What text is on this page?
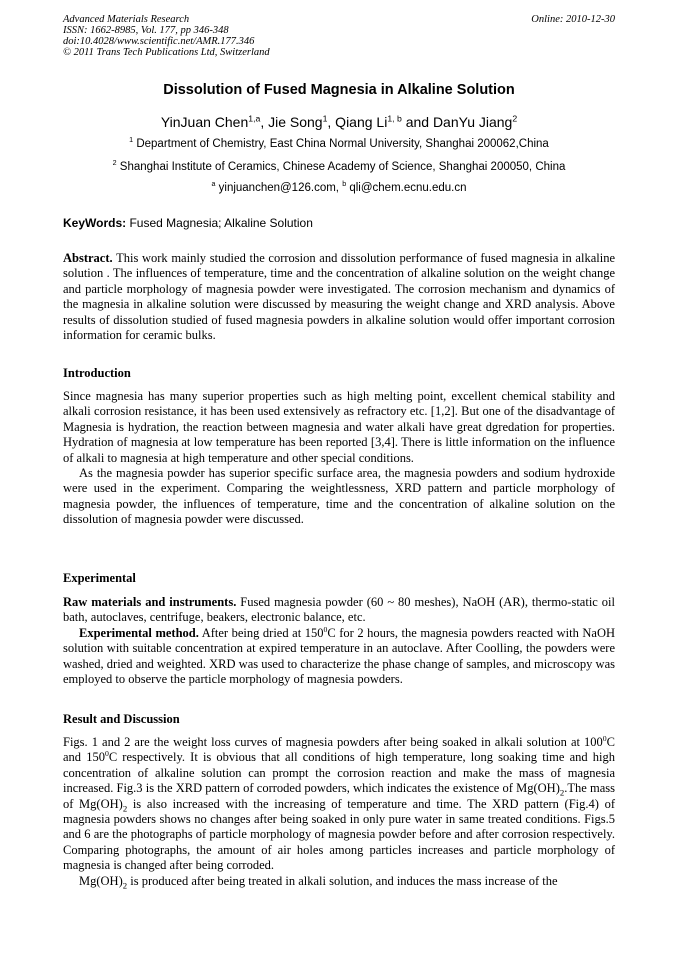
Advanced Materials Research
ISSN: 1662-8985, Vol. 177, pp 346-348
doi:10.4028/www.scientific.net/AMR.177.346
© 2011 Trans Tech Publications Ltd, Switzerland
Online: 2010-12-30
Dissolution of Fused Magnesia in Alkaline Solution
YinJuan Chen$^{1,a}$, Jie Song$^1$, Qiang Li$^{1, b}$ and DanYu Jiang$^2$
$^1$ Department of Chemistry, East China Normal University, Shanghai 200062,China
$^2$ Shanghai Institute of Ceramics, Chinese Academy of Science, Shanghai 200050, China
$^a$ yinjuanchen@126.com, $^b$ qli@chem.ecnu.edu.cn
KeyWords: Fused Magnesia; Alkaline Solution

Abstract. This work mainly studied the corrosion and dissolution performance of fused magnesia in alkaline solution . The influences of temperature, time and the concentration of alkaline solution on the weight change and particle morphology of magnesia powder were investigated. The corrosion mechanism and dynamics of the magnesia in alkaline solution were discussed by measuring the weight change and XRD analysis. Above results of dissolution studied of fused magnesia powders in alkaline solution would offer important corrosion information for ceramic bulks.

Introduction

Since magnesia has many superior properties such as high melting point, excellent chemical stability and alkali corrosion resistance, it has been used extensively as refractory etc. [1,2]. But one of the disadvantage of Magnesia is hydration, the reaction between magnesia and water alkali have great dgredation for properties. Hydration of magnesia at low temperature has been reported [3,4]. There is little information on the influence of alkali to magnesia at high temperature and other special conditions.

As the magnesia powder has superior specific surface area, the magnesia powders and sodium hydroxide were used in the experiment. Comparing the weightlessness, XRD pattern and particle morphology of magnesia powder, the influences of temperature, time and the concentration of alkaline solution on the dissolution of magnesia powder were discussed.

Experimental

Raw materials and instruments. Fused magnesia powder (60 ~ 80 meshes), NaOH (AR), thermo-static oil bath, autoclaves, centrifuge, beakers, electronic balance, etc.

Experimental method. After being dried at $150^0C$ for 2 hours, the magnesia powders reacted with NaOH solution with suitable concentration at expired temperature in an autoclave. After Coolling, the powders were washed, dried and weighted. XRD was used to characterize the phase change of samples, and microscopy was employed to observe the particle morphology of magnesia powders.

Result and Discussion

Figs. 1 and 2 are the weight loss curves of magnesia powders after being soaked in alkali solution at $100^0C$ and $150^0C$ respectively. It is obvious that all conditions of high temperature, long soaking time and high concentration of alkaline solution can prompt the corrosion reaction and make the mass of magnesia increased. Fig.3 is the XRD pattern of corroded powders, which indicates the existence of $Mg(OH)_2.The$ mass of $Mg(OH)_2$ is also increased with the increasing of temperature and time. The XRD pattern (Fig.4) of magnesia powders shows no changes after being soaked in only pure water in same treated conditions. Figs.5 and 6 are the photographs of particle morphology of magnesia powder before and after corrosion respectively. Comparing photographs, the amount of air holes among particles increases and particle morphology of magnesia is changed after being corroded.

$Mg(OH)_2$ is produced after being treated in alkali solution, and induces the mass increase of the
